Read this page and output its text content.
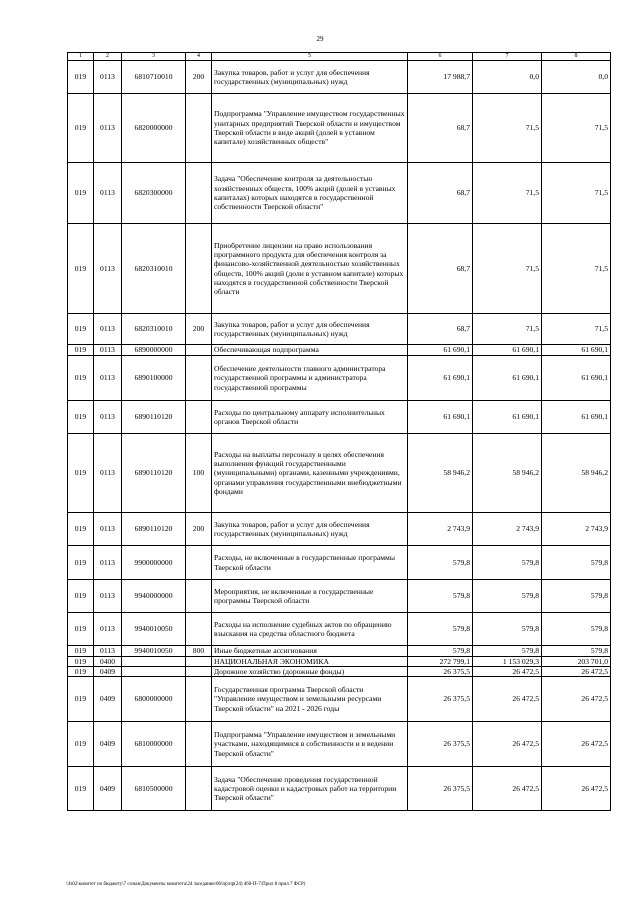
29
1	2	3	4	5	6	7	8
019	0113	6810710010	200	Закупка товаров, работ и услуг для обеспечения государственных (муниципальных) нужд	17 988,7	0,0	0,0
019	0113	6820000000		Подпрограмма "Управление имуществом государственных унитарных предприятий Тверской области и имуществом Тверской области в виде акций (долей в уставном капитале) хозяйственных обществ"	68,7	71,5	71,5
019	0113	6820300000		Задача "Обеспечение контроля за деятельностью хозяйственных обществ, 100% акций (долей в уставных капиталах) которых находятся в государственной собственности Тверской области"	68,7	71,5	71,5
019	0113	6820310010		Приобретение лицензии на право использования программного продукта для обеспечения контроля за финансово-хозяйственной деятельностью хозяйственных обществ, 100% акций (доли в уставном капитале) которых находятся в государственной собственности Тверской области	68,7	71,5	71,5
019	0113	6820310010	200	Закупка товаров, работ и услуг для обеспечения государственных (муниципальных) нужд	68,7	71,5	71,5
019	0113	6890000000		Обеспечивающая подпрограмма	61 690,1	61 690,1	61 690,1
019	0113	6890100000		Обеспечение деятельности главного администратора государственной программы и администратора государственной программы	61 690,1	61 690,1	61 690,1
019	0113	6890110120		Расходы по центральному аппарату исполнительных органов Тверской области	61 690,1	61 690,1	61 690,1
019	0113	6890110120	100	Расходы на выплаты персоналу в целях обеспечения выполнения функций государственными (муниципальными) органами, казенными учреждениями, органами управления государственными внебюджетными фондами	58 946,2	58 946,2	58 946,2
019	0113	6890110120	200	Закупка товаров, работ и услуг для обеспечения государственных (муниципальных) нужд	2 743,9	2 743,9	2 743,9
019	0113	9900000000		Расходы, не включенные в государственные программы Тверской области	579,8	579,8	579,8
019	0113	9940000000		Мероприятия, не включенные в государственные программы Тверской области	579,8	579,8	579,8
019	0113	9940010050		Расходы на исполнение судебных актов по обращению взыскания на средства областного бюджета	579,8	579,8	579,8
019	0113	9940010050	800	Иные бюджетные ассигнования	579,8	579,8	579,8
019	0400			НАЦИОНАЛЬНАЯ ЭКОНОМИКА	272 799,1	1 153 029,3	203 701,0
019	0409			Дорожное хозяйство (дорожные фонды)	26 375,5	26 472,5	26 472,5
019	0409	6800000000		Государственная программа Тверской области "Управление имуществом и земельными ресурсами Тверской области" на 2021 - 2026 годы	26 375,5	26 472,5	26 472,5
019	0409	6810000000		Подпрограмма "Управление имуществом и земельными участками, находящимися в собственности и в ведении Тверской области"	26 375,5	26 472,5	26 472,5
019	0409	6810500000		Задача "Обеспечение проведения государственной кадастровой оценки и кадастровых работ на территории Тверской области"	26 375,5	26 472,5	26 472,5
\\fs02\комитет по бюджету\7 созыв\Документы комитета\24 заседание\06\пр\пр(24) 460-П-7\Прил 8 прил 7 ФСР)
